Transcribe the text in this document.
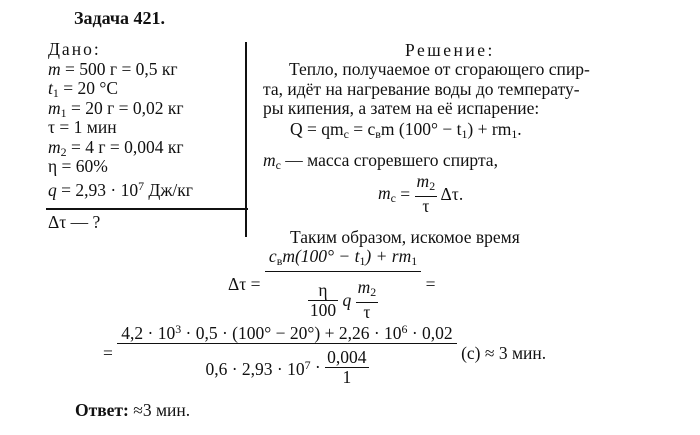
Задача 421.
Дано:
m = 500 г = 0,5 кг
$t_1 = 20$ °C
$m_1 = 20$ г = 0,02 кг
τ = 1 мин
$m_2 = 4$ г = 0,004 кг
η = 60%
$q = 2,93 \cdot 10^7$ Дж/кг
Δτ — ?
Решение:
Тепло, получаемое от сгорающего спир-
та, идёт на нагревание воды до температу-
ры кипения, а затем на её испарение:
$Q = qm_c = c_вm$ $(100^\circ - t_1) + rm_1$.
$m_c$ — масса сгоревшего спирта,
$m_c = \frac{m_2}{\tau} \Delta\tau$.
Таким образом, искомое время
Δτ =
$c_вm(100^\circ - t_1) + rm_1$
$\frac{\eta}{100}$ q $\frac{m_2}{\tau}$ =
=
$4,2 \cdot 10^3 \cdot 0,5 \cdot (100^\circ - 20^\circ) + 2,26 \cdot 10^6 \cdot 0,02$
$0,6 \cdot 2,93 \cdot 10^7 \cdot \frac{0,004}{1}$	(с) ≈ 3 мин.
Ответ: ≈3 мин.
